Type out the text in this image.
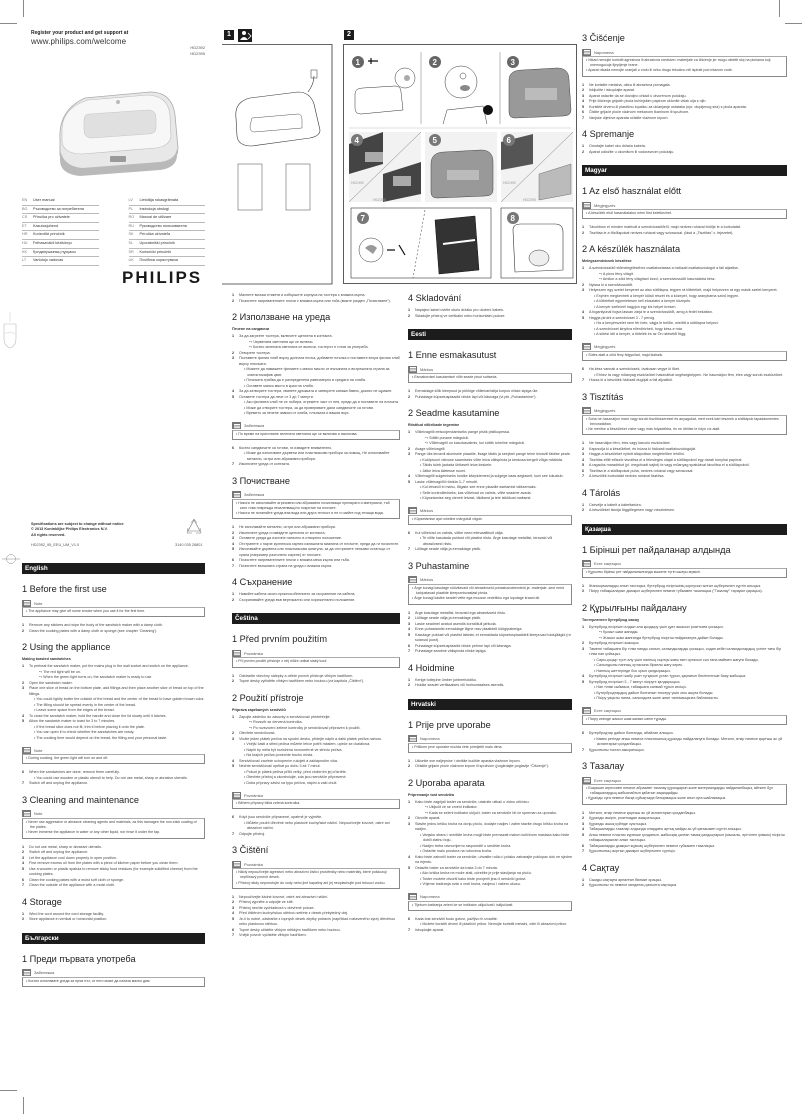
Register your product and get support at
www.philips.com/welcome
HD2392
HD2395
EN User manual
BG Ръководство за потребителя
CS Příručka pro uživatele
ET Kasutusjuhend
HR Korisnički priručnik
HU Felhasználói kézikönyv
KK Қолданушының нұсқасы
LT Vartotojo vadovas
LV Lietotāja rokasgrāmata
PL Instrukcja obsługi
RO Manual de utilizare
RU Руководство пользователя
SK Príručka užívateľa
SL Uporabniški priročnik
SR Korisnički priručnik
UK Посібник користувача
PHILIPS
Specifications are subject to change without notice
© 2013 Koninklijke Philips Electronics N.V.
All rights reserved.
HD2392_95_EEU_UM_V1.0	3140 035 28801
1	2
1	2	3
4
HD2392
HD2395
5	6
HD2392
HD2395
7	8
English
1 Before the first use
Note
• The appliance may give off some smoke when you use it for the first time.
1	Remove any stickers and wipe the body of the sandwich maker with a damp cloth.
2	Clean the cooking plates with a damp cloth or sponge (see chapter 'Cleaning').
2 Using the appliance
Making toasted sandwiches
1	To preheat the sandwich maker, put the mains plug in the wall socket and switch on the appliance.
↪ The red light will be on.
↪ When the green light turns on, the sandwich maker is ready to use.
2	Open the sandwich maker.
3	Place one slice of bread on the bottom plate, add fillings and then place another slice of bread on top of the fillings.
• You could lightly butter the outside of the bread and the center of the bread to have golden brown color.
• The filling should be spread evenly in the center of the bread.
• Leave some space from the edges of the bread.
4	To close the sandwich maker, hold the handle and close the lid slowly until it latches.
5	Allow the sandwich maker to toast for 3 to 7 minutes.
• If the bread slice does not fit, trim it before placing it onto the plate.
• You can open it to check whether the sandwiches are ready.
• The cooking time would depend on the bread, the filling and your personal taste.
Note
• During cooking, the green light will turn on and off.
6	When the sandwiches are done, remove them carefully.
• You could use wooden or plastic utensil to help. Do not use metal, sharp or abrasive utensils.
7	Switch off and unplug the appliance.
3 Cleaning and maintenance
Note
• Never use aggressive or abrasive cleaning agents and materials, as this damages the non-stick coating of the plates.
• Never immerse the appliance in water or any other liquid, nor rinse it under the tap.
1	Do not use metal, sharp or abrasive utensils.
2	Switch off and unplug the appliance.
3	Let the appliance cool down properly in open position.
4	First remove excess oil from the plates with a piece of kitchen paper before you clean them.
5	Use a wooden or plastic spatula to remove sticky food residues (for example solidified cheese) from the cooking plates.
6	Clean the cooking plates with a moist soft cloth or sponge.
7	Clean the outside of the appliance with a moist cloth.
4 Storage
1	Wind the cord around the cord storage facility.
2	Store appliance in vertical or horizontal position.
Български
1 Преди първата употреба
Забележка
• Когато използвате уреда за пръв път, от него може да излиза малко дим.
1	Махнете всички етикети и избършете корпуса на тостера с влажна кърпа.
2	Почистете нагревателните плочи с влажна кърпа или гъба (вижте раздел „Почистване“).
2 Използване на уреда
Печене на сандвичи
1	За да загреете тостера, включете щепсела в контакта.
↪ Червената светлина ще се включи.
↪ Когато зелената светлина се включи, тостерът е готов за употреба.
2	Отворете тостера.
3	Поставете филия хляб върху долната плоча, добавете плънка и поставете втора филия хляб върху плънката.
• Можете да намажете филиите с малко масло от външната и вътрешната страна за златистокафяв цвят.
• Плънката трябва да е разпределена равномерно в средата на хляба.
• Оставете малко място в края на хляба.
4	За да затворите тостера, хванете дръжката и затворете капака бавно, докато не щракне.
5	Оставете тостера да пече от 3 до 7 минути.
• Ако филията хляб не се побира, отрежете част от нея, преди да я поставите на плочата.
• Може да отворите тостера, за да проверявате дали сандвичите са готови.
• Времето за печене зависи от хляба, плънката и вашия вкус.
Забележка
• По време на приготвяне зелената светлина ще се включва и изключва.
6	Когато сандвичите са готови, ги извадете внимателно.
• Може да използвате дървени или пластмасови прибори за помощ. Не използвайте метални, остри или абразивни прибори.
7	Изключете уреда от контакта.
3 Почистване
Забележка
• Никога не използвайте агресивни или абразивни почистващи препарати и материали, тъй като това поврежда незалепващото покритие на плочите.
• Никога не потапяйте уреда във вода или друга течност и не го мийте под течаща вода.
1	Не използвайте метални, остри или абразивни прибори.
2	Изключете уреда и извадете щепсела от контакта.
3	Оставете уреда да изстине напълно в отворено положение.
4	Отстранете с парче кухненска хартия излишната мазнина от плочите, преди да ги почистите.
5	Използвайте дървена или пластмасова шпатула, за да отстраните лепкави остатъци от храна (например разтопено сирене) от плочите.
6	Почистете нагревателните плочи с влажна мека кърпа или гъба.
7	Почистете външната страна на уреда с влажна кърпа.
4 Съхранение
1	Навийте кабела около приспособлението за съхранение на кабела.
2	Съхранявайте уреда във вертикално или хоризонтално положение.
Čeština
1 Před prvním použitím
Poznámka
• Při prvním použití přístroje z něj může unikat slabý kouř.
1	Odstraňte všechny nálepky a otřete povrch přístroje vlhkým hadříkem.
2	Topné desky vyčistěte vlhkým hadříkem nebo houbou (viz kapitola „Čištění“).
2 Použití přístroje
Příprava zapékaných sendvičů
1	Zapojte zástrčku do zásuvky a sendvičovač předehřejte.
↪ Rozsvítí se červená kontrolka.
↪ Po rozsvícení zelené kontrolky je sendvičovač připraven k použití.
2	Otevřete sendvičovač.
3	Vložte jeden plátek pečiva na spodní desku, přidejte náplň a další plátek pečiva nahoru.
• Vnější části a střed pečiva můžete lehce potřít máslem, upeče se dozlatova.
• Náplň by měla být rozložena rovnoměrně ve středu pečiva.
• Na krajích pečiva ponechte trochu místa.
4	Sendvičovač zavřete uchopením rukojeti a zaklapnutím víka.
5	Nechte sendvičovač opékat po dobu 3 až 7 minut.
• Pokud je plátek pečiva příliš velký, před vložením jej ořízněte.
• Otevřete přístroj a zkontrolujte, zda jsou sendviče připravené.
• Doba přípravy závisí na typu pečiva, náplni a vaší chuti.
Poznámka
• Během přípravy bliká zelená kontrolka.
6	Když jsou sendviče připravené, opatrně je vyjměte.
• Můžete použít dřevěné nebo plastové kuchyňské náčiní. Nepoužívejte kovové, ostré ani abrazivní náčiní.
7	Odpojte přístroj.
3 Čištění
Poznámka
• Nikdy nepoužívejte agresivní nebo abrazivní čisticí prostředky nebo materiály, které poškozují nepřilnavý povrch desek.
• Přístroj nikdy neponořujte do vody nebo jiné kapaliny ani jej neoplachujte pod tekoucí vodou.
1	Nepoužívejte žádné kovové, ostré ani abrazivní náčiní.
2	Přístroj vypněte a odpojte ze sítě.
3	Přístroj nechte vychladnout v otevřené poloze.
4	Před čištěním kuchyňskou utěrkou setřete z desek přebytečný olej.
5	Je-li to nutné, odstraňte z topných desek zbytky potravin (například roztaveného sýra) dřevěnou nebo plastovou stěrkou.
6	Topné desky očistěte vlhkým měkkým hadříkem nebo houbou.
7	Vnější povrch vyčistěte vlhkým hadříkem.
4 Skladování
1	Napájecí kabel oviňte okolo držáku pro uložení kabelu.
2	Skladujte přístroj ve vertikální nebo horizontální poloze.
Eesti
1 Enne esmakasutust
Märkus
• Esmakordsel kasutamisel võib seade pisut suitseda.
1	Eemaldage kõik kleepsud ja pühkige võileivaröstija korpus niiske lapiga üle.
2	Puhastage küpsetusplaadid niiske lapi või käsnaga (vt ptk „Puhastamine“).
2 Seadme kasutamine
Röstitud võileibade tegemine
1	Võileivagrilli eelsoojendamiseks pange pistik pistikupessa.
↪ Süttib punane märgutuli.
↪ Võileivagrill on kasutusvalmis, kui süttib roheline märgutuli.
2	Avage võileivagrill.
3	Pange üks leivaviil alumisele plaadile, lisage täidis ja seejärel pange teine leivaviil täidise peale.
• Kuldpruuni värvuse saamiseks võite leiva välispinda ja keskosa kergelt võiga määrida.
• Täidis tuleb jaotada ühtlaselt leiva keskele.
• Jätke leiva äärtesse ruumi.
4	Võileivagrilli sulgemiseks hoidke käepidemest ja sulgege kaas aeglaselt, kuni see lukustub.
5	Laske võileivagrillil röstida 3–7 minutit.
• Kui leivaviil ei mahu, lõigake see enne plaadile asetamist väiksemaks.
• Selle kontrollimiseks, kas võileivad on valmis, võite seadme avada.
• Küpsetamise aeg oleneb leivast, täidisest ja teie isiklikust maitsest.
Märkus
• Küpsetamise ajal roheline märgutuli vilgub.
6	Kui võileivad on valmis, võtke need ettevaatlikult välja.
• Te võite kasutada puidust või plastist riistu. Ärge kasutage metallist, teravaid või abrasiivseid riistu.
7	Lülitage seade välja ja eemaldage pistik.
3 Puhastamine
Märkus
• Ärge kunagi kasutage söövitavaid või abrasiivseid puhastusvahendeid ja -materjale, sest need kahjustavad plaatide kleepumisvastast pinda.
• Ärge kunagi kastke seadet vette ega muusse vedelikku ega loputage kraani all.
1	Ärge kasutage metallist, teravaid ega abrasiivseid riistu.
2	Lülitage seade välja ja eemaldage pistik.
3	Laske seadmel avatud asendis korralikult jahtuda.
4	Enne puhastamist eemaldage liigne rasv plaatidelt köögipaberiga.
5	Kasutage puidust või plastist labidat, et eemaldada küpsetusplaatidelt kleepuvad toidujäägid (nt sulanud juust).
6	Puhastage küpsetusplaadid niiske pehme lapi või käsnaga.
7	Puhastage seadme välispinda niiske lapiga.
4 Hoidmine
1	Kerige toitejuhe ümber juhtmehoidiku.
2	Hoidke seadet vertikaalses või horisontaalses asendis.
Hrvatski
1 Prije prve uporabe
Napomena
• Prilikom prve uporabe možda ćete primijetiti malo dima.
1	Uklonite sve naljepnice i obrišite kućište aparata vlažnom krpom.
2	Očistite grijaće ploče vlažnom krpom ili spužvom (pogledajte poglavlje “Čišćenje”).
2 Uporaba aparata
Pripremanje tost sendviča
1	Kako biste zagrijali toster za sendviče, utaknite utikač u zidnu utičnicu.
↪ Uključit će se crveni indikator.
↪ Kada se zeleni indikator uključi, toster za sendviče bit će spreman za uporabu.
2	Otvorite aparat.
3	Stavite jednu krišku kruha na donju ploču, dodajte nadjev i zatim stavite drugu krišku kruha na nadjev.
• Vanjsku stranu i središte kruha mogli biste premazati malom količinom maslaca kako biste dobili zlatnu boju.
• Nadjev treba ravnomjerno rasporediti u središte kruha.
• Ostavite malo prostora na rubovima kruha.
4	Kako biste zatvorili toster za sendviče, uhvatite ručku i polako zatvarajte poklopac dok ne sjedne na mjesto.
5	Ostavite toster za sendviče da tosta 3 do 7 minuta.
• Ako kriška kruha ne može stati, odrežite je prije stavljanja na ploču.
• Toster možete otvoriti kako biste provjerili jesu li sendviči gotovi.
• Vrijeme tostiranja ovisi o vrsti kruha, nadjevu i vašem ukusu.
Napomena
• Tijekom tostiranja zeleni će se indikator uključivati i isključivati.
6	Kada tost sendviči budu gotovi, pažljivo ih izvadite.
• Možete koristiti drveni ili plastični pribor. Nemojte koristiti metalni, oštri ili abrazivni pribor.
7	Iskopčajte aparat.
3 Čišćenje
Napomena
• Nikad nemojte koristiti agresivna ili abrazivna sredstva i materijale za čišćenje jer mogu oštetiti sloj na pločama koji onemogućuje lijepljenje hrane.
• Aparat nikada nemojte uranjati u vodu ili neku drugu tekućinu niti ispirati pod mlazom vode.
1	Ne koristite metalna, oštra ili abrazivna pomagala.
2	Isključite i iskopčajte aparat.
3	Aparat ostavite da se dovoljno ohladi u otvorenom položaju.
4	Prije čišćenja grijaćih ploča kuhinjskim papirom uklonite višak ulja s njih.
5	Koristite drvenu ili plastičnu lopaticu za uklanjanje ostataka (npr. otopljenog sira) s ploča aparata.
6	Čistite grijaće ploče vlažnom mekanom tkaninom ili spužvom.
7	Vanjske dijelove aparata očistite vlažnom krpom.
4 Spremanje
1	Omotajte kabel oko držača kabela.
2	Aparat odložite u okomitom ili vodoravnom položaju.
Magyar
1 Az első használat előtt
Megjegyzés
• A készülék első használatakor némi füst keletkezhet.
1	Távolítson el minden matricát a szendvicssütőről, majd nedves ruhával törölje le a burkolatát.
2	Tisztítsa le a főzőlapokat nedves ruhával vagy szivaccsal. (lásd a „Tisztítás” c. fejezetet).
2 A készülék használata
Melegszendvicsek készítése
1	A szendvicssütő előmelegítéséhez csatlakoztassa a hálózati csatlakozódugót a fali aljzatba.
↪ A piros fény világít.
↪ Amikor a zöld fény világítani kezd, a szendvicssütő használatra kész.
2	Nyissa ki a szendvicssütőt.
3	Helyezzen egy szelet kenyeret az alsó sütőlapra, tegyen rá töltelékét, majd helyezzen rá egy másik szelet kenyeret.
• Enyhén megkenheti a kenyér külső részét és a közepét, hogy aranybarna színű legyen.
• A töltelékét egyenletesen kell eloszlatni a kenyér közepén.
• A kenyér széleinél hagyjon egy kis helyet üresen.
4	A fogantyúnál fogva lassan zárja le a szendvicssütőt, amíg a fedél bekattan.
5	Hagyja pirulni a szendvicset 3 - 7 percig.
• Ha a kenyérszelet nem fér bele, vágja le belőle, mielőtt a sütőlapra helyezi.
• A szendvicset kinyitva ellenőrizheti, hogy kész-e már.
• A sütési idő a kenyér, a töltelék és az Ön ízlésétől függ.
Megjegyzés
• Sütés alatt a zöld fény felgyullad, majd kialszik.
6	Ha kész vannak a szendvicsek, óvatosan vegye ki őket.
• Ehhez fa vagy műanyag eszközöket használhat segítségképpen. Ne használjon fém, éles vagy súroló eszközöket.
7	Húzza ki a készülék hálózati dugóját a fali aljzatból.
3 Tisztítás
Megjegyzés
• Soha ne használjon maró vagy súroló tisztítószereket és anyagokat, mert ezek kárt tesznek a sütőlapok tapadásmentes bevonatában.
• Ne merítse a készüléket vízbe vagy más folyadékba, és ne öblítse le folyó víz alatt.
1	Ne használjon fém, éles vagy karcoló eszközöket.
2	Kapcsolja ki a készüléket, és húzza ki hálózati csatlakozódugóját.
3	Hagyja a készüléket nyitott állapotban megfelelően lehűlni.
4	Tisztítás előtt először távolítsa el a felesleges olajat a sütőlapokról egy darab konyhai papírral.
5	A ragadós maradékot (pl. megolvadt sajtot) fa vagy műanyag spatulával távolítsa el a sütőlapokról.
6	Tisztítsa le a sütőlapokat puha, nedves ruhával vagy szivaccsal.
7	A készülék burkolatát nedves ruhával tisztítsa.
4 Tárolás
1	Csévélje a kábelt a kábeltartóra.
2	A készüléket tárolja függőlegesen vagy vízszintesen.
Қазақша
1 Бірінші рет пайдаланар алдында
Есте сақтаңыз
• Құрылғы бірінші рет пайдаланылғанда кішкене түтін шығуы мүмкін.
1	Жапсырмаларды алып тастаңыз, бутерброд пісіргішінің корпусын ылғал шүберекпен сүртіп алыңыз.
2	Пісіру табақшаларын дымқыл шүберекпен немесе губкамен тазалаңыз ("Тазалау" тарауын қараңыз).
2 Құрылғыны пайдалану
Тостерленген бутерброд жасау
1	Бутерброд пісіргішті алдын ала қыздыру үшін қуат ашасын розеткаға қосыңыз.
↪ Қызыл шам жанады.
↪ Жасыл шам жанғанда бутерброд пісіргіш пайдалануға дайын болады.
2	Бутерброд пісіргішті ашыңыз.
3	Төменгі табақшаға бір тілім нанды салып, салындыларды қосыңыз, содан кейін салындылардың үстіне тағы бір тілім нан қойыңыз.
• Сары-қоңыр түсті алу үшін нанның сыртқы жағы мен ортасын сәл ғана маймен жағуға болады.
• Салындыны нанның ортасына біркелкі жағу керек.
• Нанның шеттерінде бос орын қалдырыңыз.
4	Бутерброд пісіргішті жабу үшін тұтқасын ұстап тұрып, қақпағын бекітілгенше баяу жабыңыз.
5	Бутерброд пісіргішті 3 - 7 минут пісіруге қалдырыңыз.
• Нан тілімі сыймаса, табақшаға салмай тұрып кесіңіз.
• Бутербродтардың дайын болғанын тексеру үшін оны ашуға болады.
• Пісіру уақыты нанға, салындыға және жеке талғамыңызға байланысты.
Есте сақтаңыз
• Пісіру кезінде жасыл шам жанып-сөніп тұрады.
6	Бутербродтар дайын болғанда, абайлап алыңыз.
• Көмек ретінде ағаш немесе пластикалық құралды пайдалануға болады. Металл, өткір немесе қырғыш ас үй аспаптарын қолданбаңыз.
7	Құрылғыны токтан ажыратыңыз.
3 Тазалау
Есте сақтаңыз
• Ешқашан агрессивті немесе абразивті тазалау құралдарын және материалдарды пайдаланбаңыз, өйткені бұл табақшалардың жабыспайтын қабатын зақымдайды.
• Құралды суға немесе басқа сұйықтыққа батырмаңыз және ағын суға шайламаңыз.
1	Металл, өткір немесе қырғыш ас үй аспаптарын қолданбаңыз.
2	Құралды өшіріп, розеткадан ажыратыңыз.
3	Құралды ашық күйінде суытыңыз.
4	Табақшаларды тазалар алдында олардағы артық майды ас үй қағазымен сүртіп алыңыз.
5	Ағаш немесе пластик күрекше қолданып, жабысқақ қалған тамақ қалдықтарын (мысалы, ерітілген ірімшік) пісіргіш табақшаларынан алып тастаңыз.
6	Табақшаларды дымқыл жұмсақ шүберекпен немесе губкамен тазалаңыз.
7	Құрылғының сыртын дымқыл шүберекпен сүртіңіз.
4 Сақтау
1	Сымды сақтауға арналған бөлікке ораңыз.
2	Құрылғыны тік немесе көлденең қалыпта сақтаңыз.
